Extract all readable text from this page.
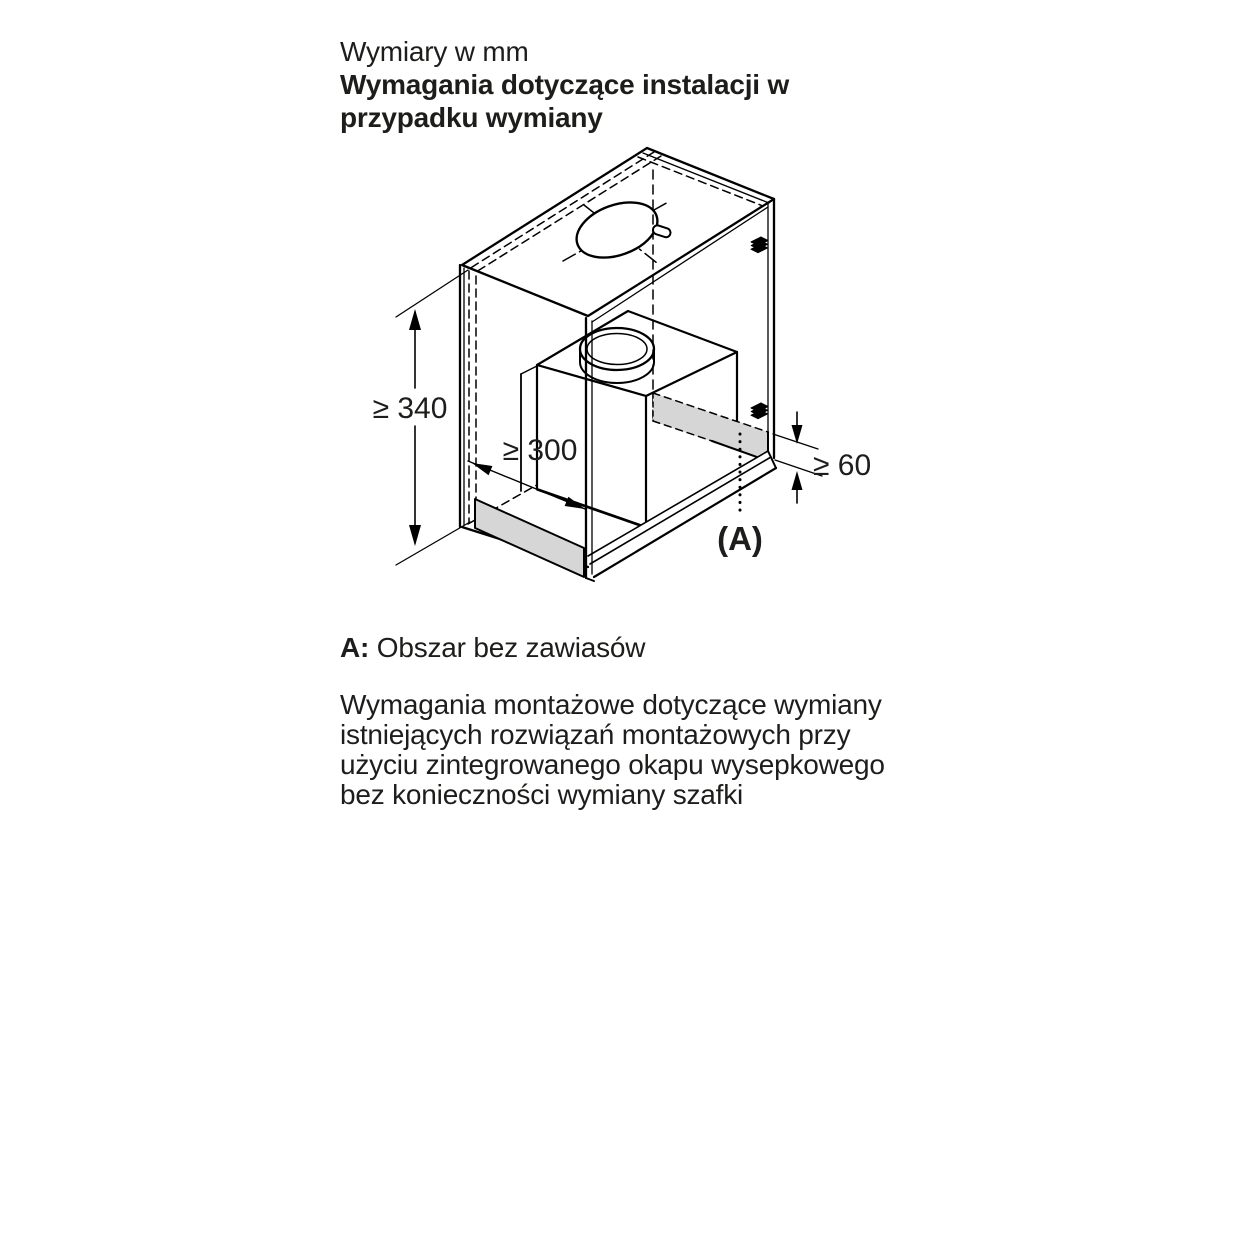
Wymiary w mm
Wymagania dotyczące instalacji w
przypadku wymiany
≥ 340
≥ 300	≥ 60
(A)
A: Obszar bez zawiasów
Wymagania montażowe dotyczące wymiany
istniejących rozwiązań montażowych przy
użyciu zintegrowanego okapu wysepkowego
bez konieczności wymiany szafki
